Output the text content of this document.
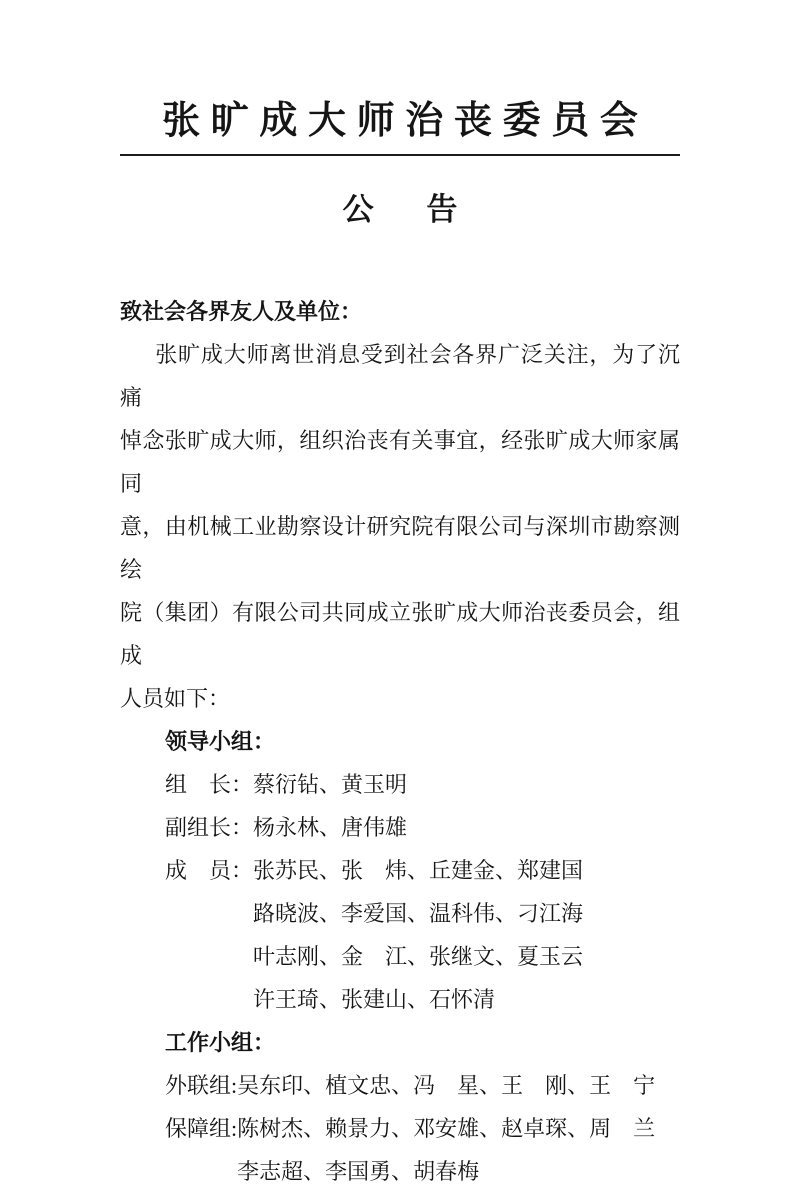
张旷成大师治丧委员会
公　告
致社会各界友人及单位：
张旷成大师离世消息受到社会各界广泛关注，为了沉痛
悼念张旷成大师，组织治丧有关事宜，经张旷成大师家属同
意，由机械工业勘察设计研究院有限公司与深圳市勘察测绘
院（集团）有限公司共同成立张旷成大师治丧委员会，组成
人员如下：
领导小组：
组　长： 蔡衍钻、黄玉明
副组长： 杨永林、唐伟雄
成　员： 张苏民、张　炜、丘建金、郑建国
路晓波、李爱国、温科伟、刁江海
叶志刚、金　江、张继文、夏玉云
许王琦、张建山、石怀清
工作小组：
外联组: 吴东印、植文忠、冯　星、王　刚、王　宁
保障组: 陈树杰、赖景力、邓安雄、赵卓琛、周　兰
李志超、李国勇、胡春梅
